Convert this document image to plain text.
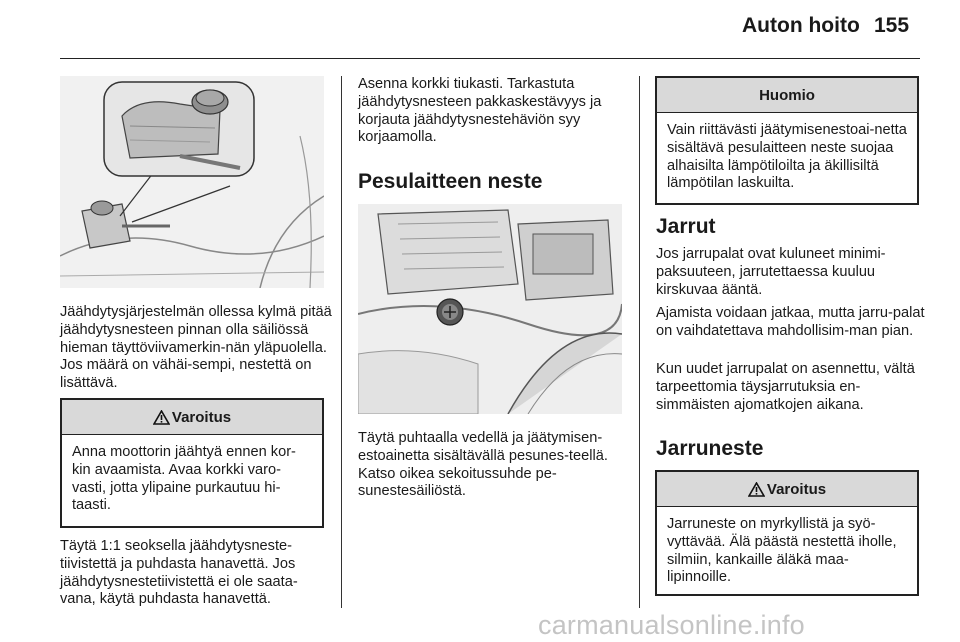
Auton hoito 155

Jäähdytysjärjestelmän ollessa kylmä pitää jäähdytysnesteen pinnan olla säiliössä hieman täyttöviivamerkin-nän yläpuolella. Jos määrä on vähäi-sempi, nestettä on lisättävä.

Varoitus
Anna moottorin jäähtyä ennen kor-kin avaamista. Avaa korkki varo-vasti, jotta ylipaine purkautuu hi-taasti.

Täytä 1:1 seoksella jäähdytysneste-tiivistettä ja puhdasta hanavettä. Jos jäähdytysnestetiivistettä ei ole saata-vana, käytä puhdasta hanavettä.

Asenna korkki tiukasti. Tarkastuta jäähdytysnesteen pakkaskestävyys ja korjauta jäähdytysnestehäviön syy korjaamolla.

Pesulaitteen neste

Täytä puhtaalla vedellä ja jäätymisen-estoainetta sisältävällä pesunes-teellä. Katso oikea sekoitussuhde pe-sunestesäiliöstä.

Huomio
Vain riittävästi jäätymisenestoai-netta sisältävä pesulaitteen neste suojaa alhaisilta lämpötiloilta ja äkillisiltä lämpötilan laskuilta.
Jarrut

Jos jarrupalat ovat kuluneet minimi-paksuuteen, jarrutettaessa kuuluu kirskuvaa ääntä.

Ajamista voidaan jatkaa, mutta jarru-palat on vaihdatettava mahdollisim-man pian.

Kun uudet jarrupalat on asennettu, vältä tarpeettomia täysjarrutuksia en-simmäisten ajomatkojen aikana.

Jarruneste
Varoitus
Jarruneste on myrkyllistä ja syö-vyttävää. Älä päästä nestettä iholle, silmiin, kankaille äläkä maa-lipinnoille.
carmanualsonline.info
